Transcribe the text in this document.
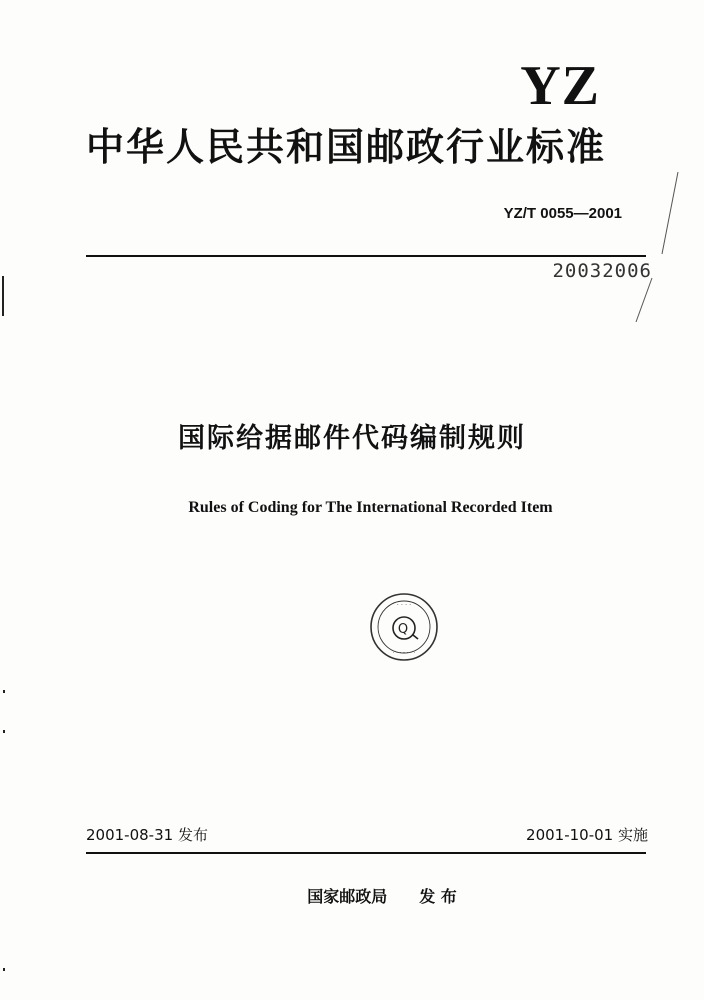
YZ
中华人民共和国邮政行业标准
YZ/T 0055—2001
20032006
国际给据邮件代码编制规则
Rules of Coding for The International Recorded Item
Q
· · · ·
· · · · · · ·
2001-08-31 发布	2001-10-01 实施
国家邮政局 发 布
